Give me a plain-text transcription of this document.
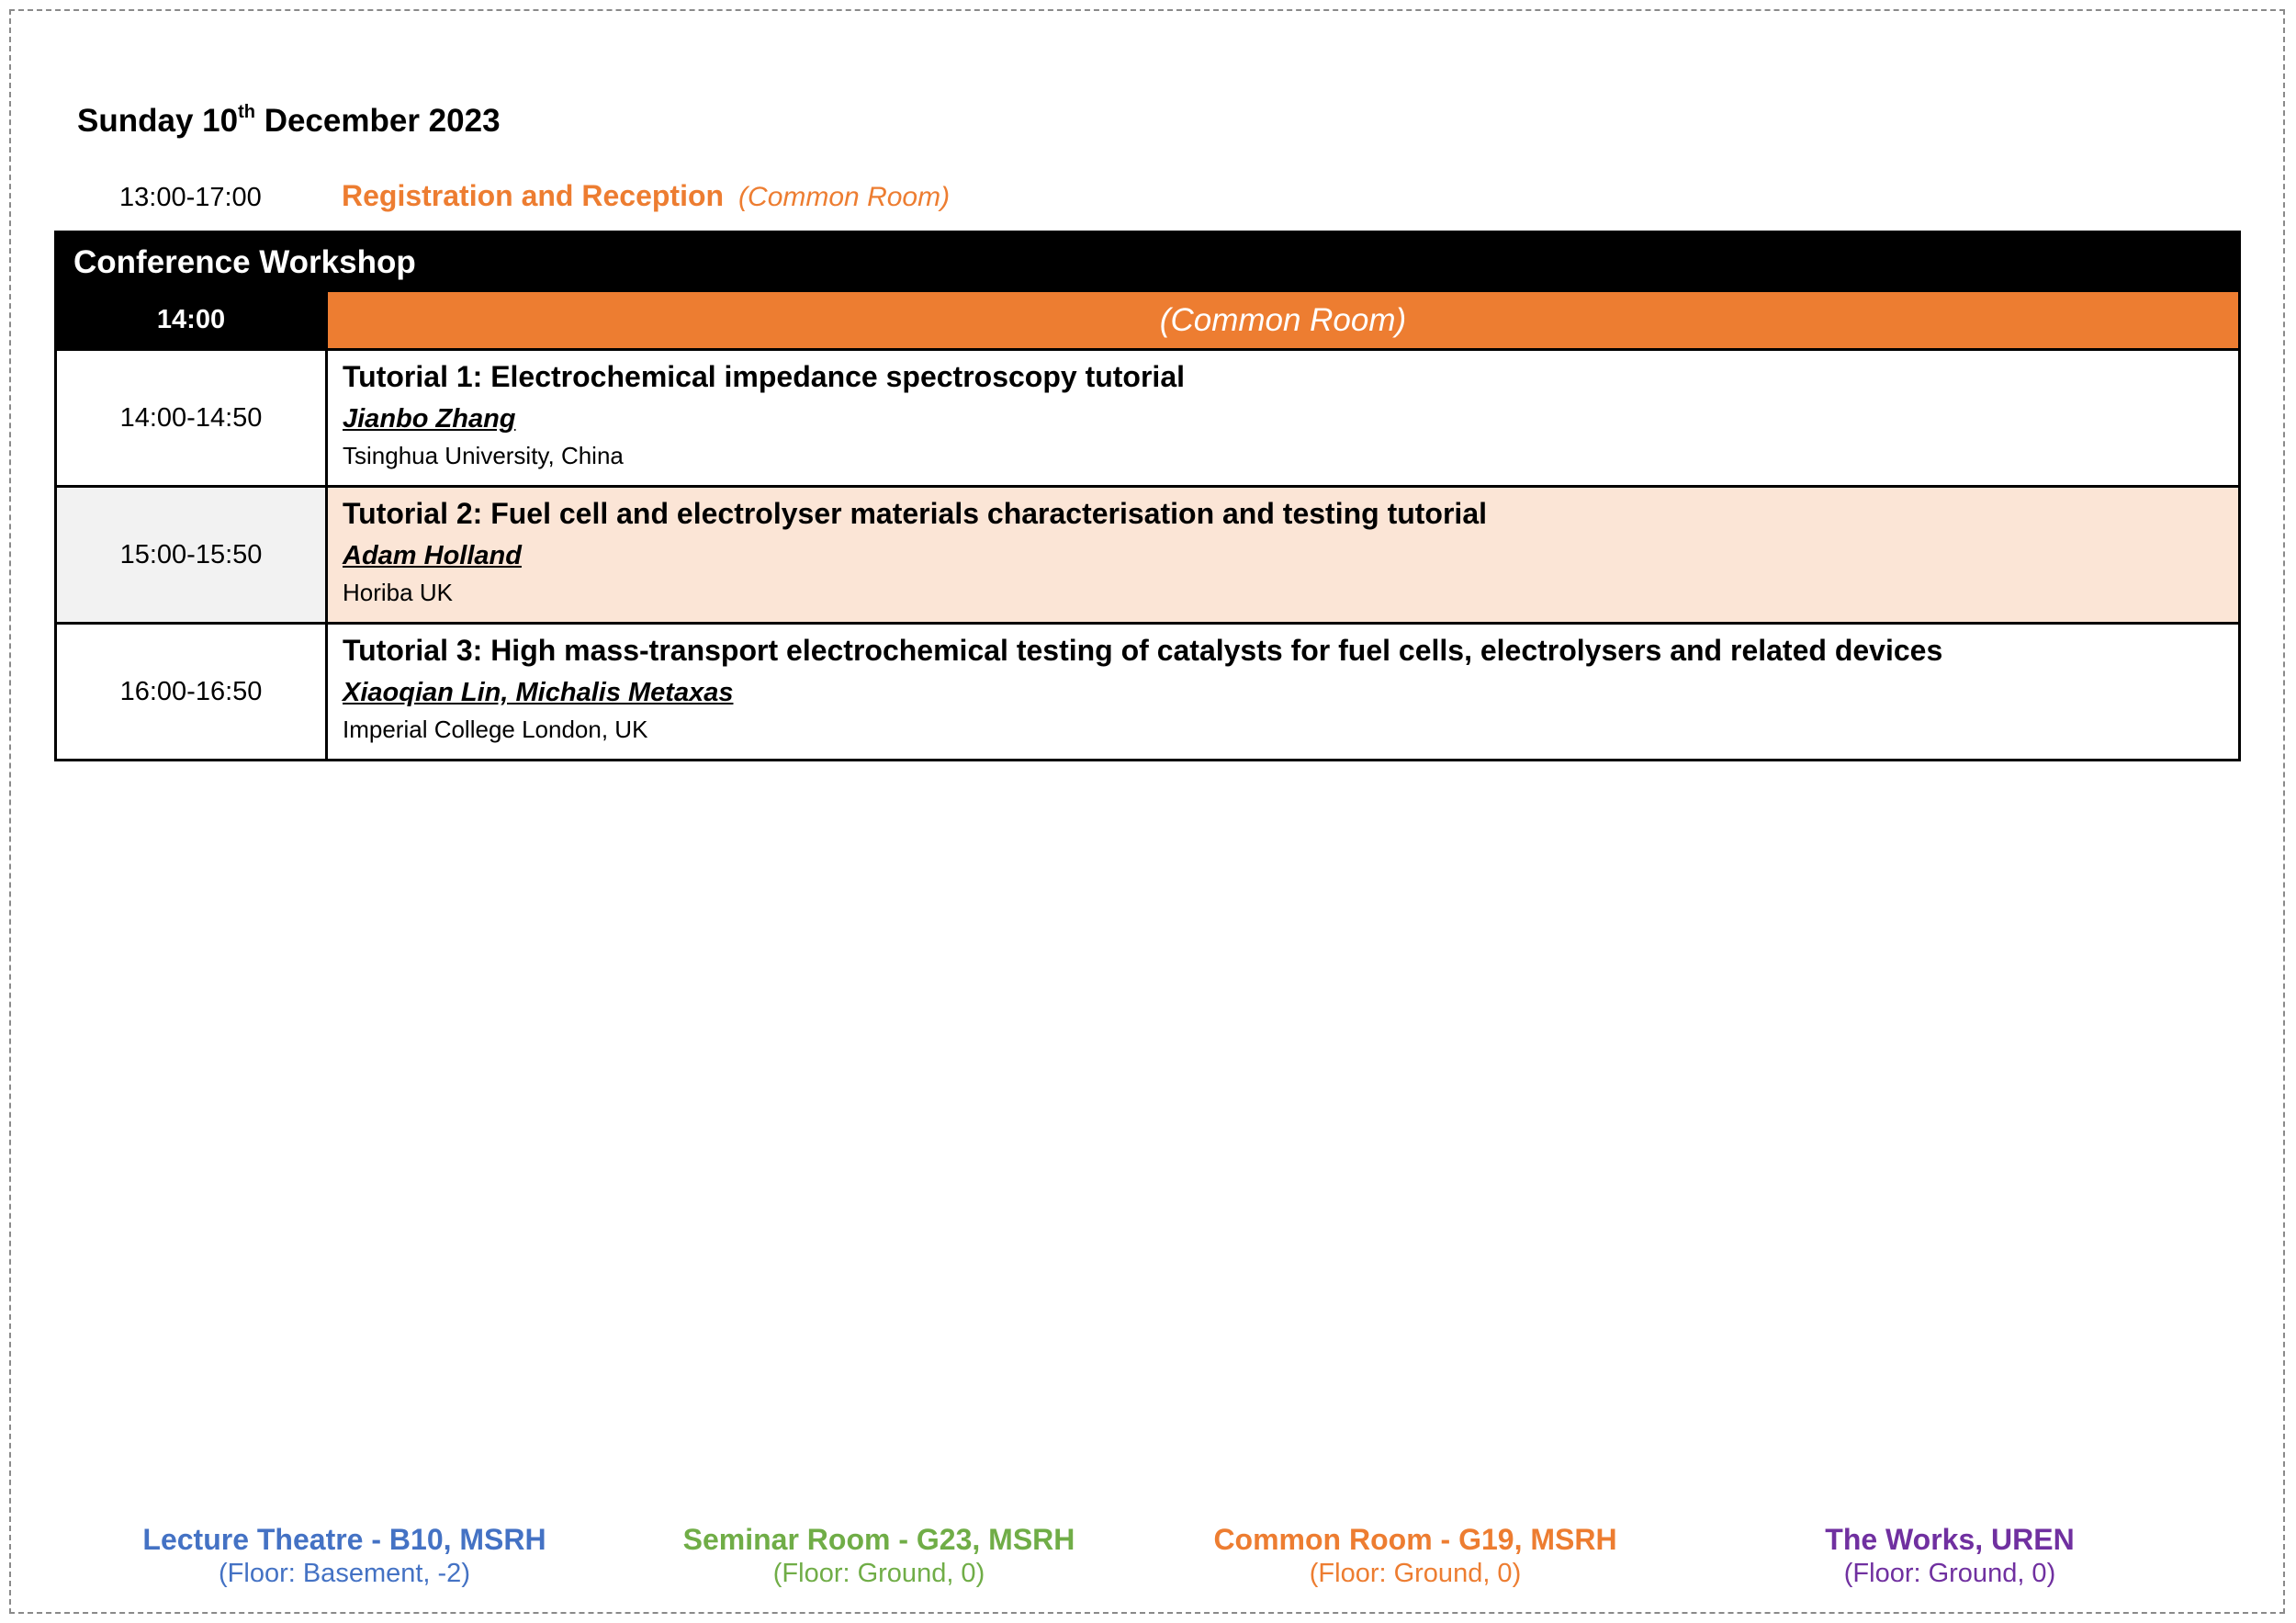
Sunday 10th December 2023
13:00-17:00	Registration and Reception (Common Room)
Conference Workshop
14:00	(Common Room)
14:00-14:50
Tutorial 1: Electrochemical impedance spectroscopy tutorial
Jianbo Zhang
Tsinghua University, China
15:00-15:50
Tutorial 2: Fuel cell and electrolyser materials characterisation and testing tutorial
Adam Holland
Horiba UK
16:00-16:50
Tutorial 3: High mass-transport electrochemical testing of catalysts for fuel cells, electrolysers and related devices
Xiaoqian Lin, Michalis Metaxas
Imperial College London, UK
Lecture Theatre - B10, MSRH
(Floor: Basement, -2)
Seminar Room - G23, MSRH
(Floor: Ground, 0)
Common Room - G19, MSRH
(Floor: Ground, 0)
The Works, UREN
(Floor: Ground, 0)
